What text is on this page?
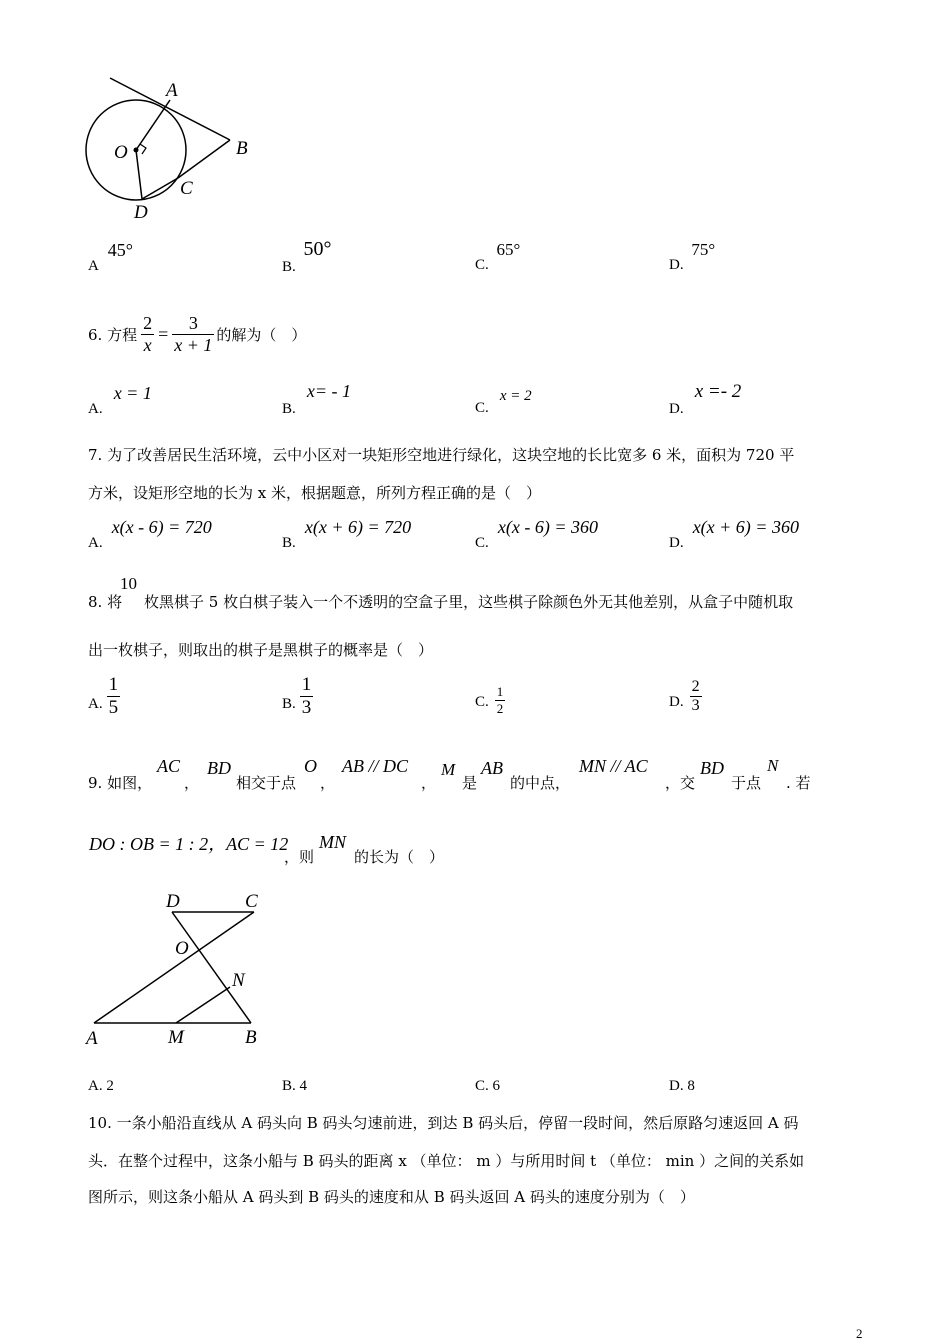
A
B
O
C
D
A 45°
B. 50°
C. 65°
D. 75°
6. 方程 $\frac{2}{x} = \frac{3}{x + 1}$ 的解为（　）
A. x = 1
B. x= - 1
C. x = 2
D. x =- 2
7. 为了改善居民生活环境，云中小区对一块矩形空地进行绿化，这块空地的长比宽多 6 米，面积为 720 平
方米，设矩形空地的长为 x 米，根据题意，所列方程正确的是（　）
A. x(x - 6) = 720
B. x(x + 6) = 720
C. x(x - 6) = 360
D. x(x + 6) = 360
8. 将
10
枚黑棋子 5 枚白棋子装入一个不透明的空盒子里，这些棋子除颜色外无其他差别，从盒子中随机取
出一枚棋子，则取出的棋子是黑棋子的概率是（　）
A. $\frac{1}{5}$	B. $\frac{1}{3}$	C. $\frac{1}{2}$	D. $\frac{2}{3}$
9. 如图，
AC
，
BD
相交于点
O
，
AB // DC
，
M
是
AB
的中点，
MN // AC
，交
BD
于点
N
. 若
DO : OB = 1 : 2，AC = 12
，则
MN
的长为（　）
D	C
O
N
A	M	B
A. 2	B. 4	C. 6	D. 8
10. 一条小船沿直线从 A 码头向 B 码头匀速前进，到达 B 码头后，停留一段时间，然后原路匀速返回 A 码
头．在整个过程中，这条小船与 B 码头的距离 x （单位： m ）与所用时间 t （单位： min ）之间的关系如
图所示，则这条小船从 A 码头到 B 码头的速度和从 B 码头返回 A 码头的速度分别为（　）
2
